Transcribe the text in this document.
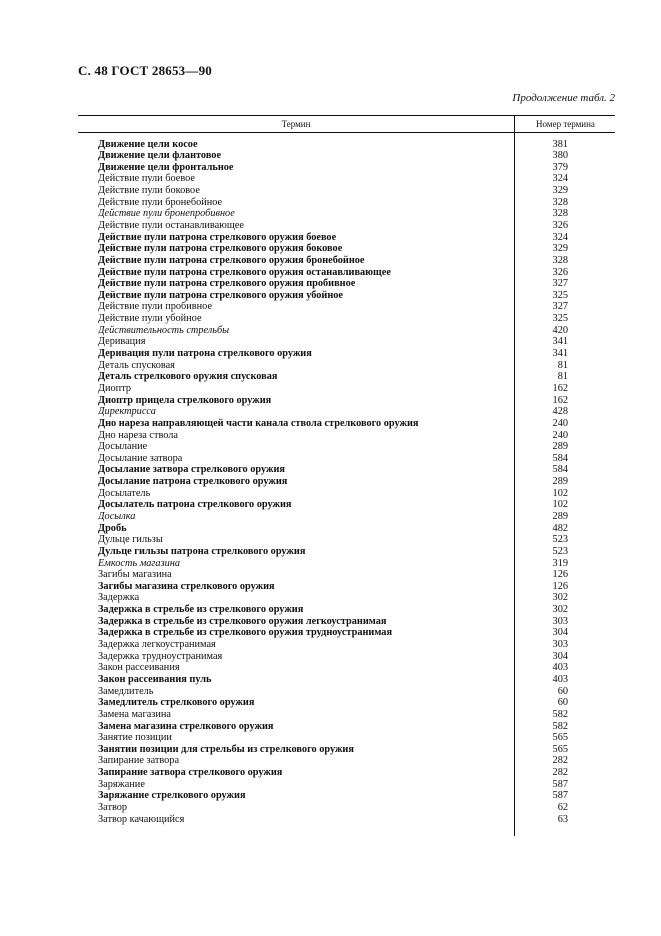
С. 48 ГОСТ 28653—90
Продолжение табл. 2
Термин	Номер термина
Движение цели косое	381
Движение цели флантовое	380
Движение цели фронтальное	379
Действие пули боевое	324
Действие пули боковое	329
Действие пули бронебойное	328
Действие пули бронепробивное	328
Действие пули останавливающее	326
Действие пули патрона стрелкового оружия боевое	324
Действие пули патрона стрелкового оружия боковое	329
Действие пули патрона стрелкового оружия бронебойное	328
Действие пули патрона стрелкового оружия останавливающее	326
Действие пули патрона стрелкового оружия пробивное	327
Действие пули патрона стрелкового оружия убойное	325
Действие пули пробивное	327
Действие пули убойное	325
Действительность стрельбы	420
Деривация	341
Деривация пули патрона стрелкового оружия	341
Деталь спусковая	81
Деталь стрелкового оружия спусковая	81
Диоптр	162
Диоптр прицела стрелкового оружия	162
Директрисса	428
Дно нареза направляющей части канала ствола стрелкового оружия	240
Дно нареза ствола	240
Досылание	289
Досылание затвора	584
Досылание затвора стрелкового оружия	584
Досылание патрона стрелкового оружия	289
Досылатель	102
Досылатель патрона стрелкового оружия	102
Досылка	289
Дробь	482
Дульце гильзы	523
Дульце гильзы патрона стрелкового оружия	523
Емкость магазина	319
Загибы магазина	126
Загибы магазина стрелкового оружия	126
Задержка	302
Задержка в стрельбе из стрелкового оружия	302
Задержка в стрельбе из стрелкового оружия легкоустранимая	303
Задержка в стрельбе из стрелкового оружия трудноустранимая	304
Задержка легкоустранимая	303
Задержка трудноустранимая	304
Закон рассеивания	403
Закон рассеивания пуль	403
Замедлитель	60
Замедлитель стрелкового оружия	60
Замена магазина	582
Замена магазина стрелкового оружия	582
Занятие позиции	565
Занятии позиции для стрельбы из стрелкового оружия	565
Запирание затвора	282
Запирание затвора стрелкового оружия	282
Заряжание	587
Заряжание стрелкового оружия	587
Затвор	62
Затвор качающийся	63
